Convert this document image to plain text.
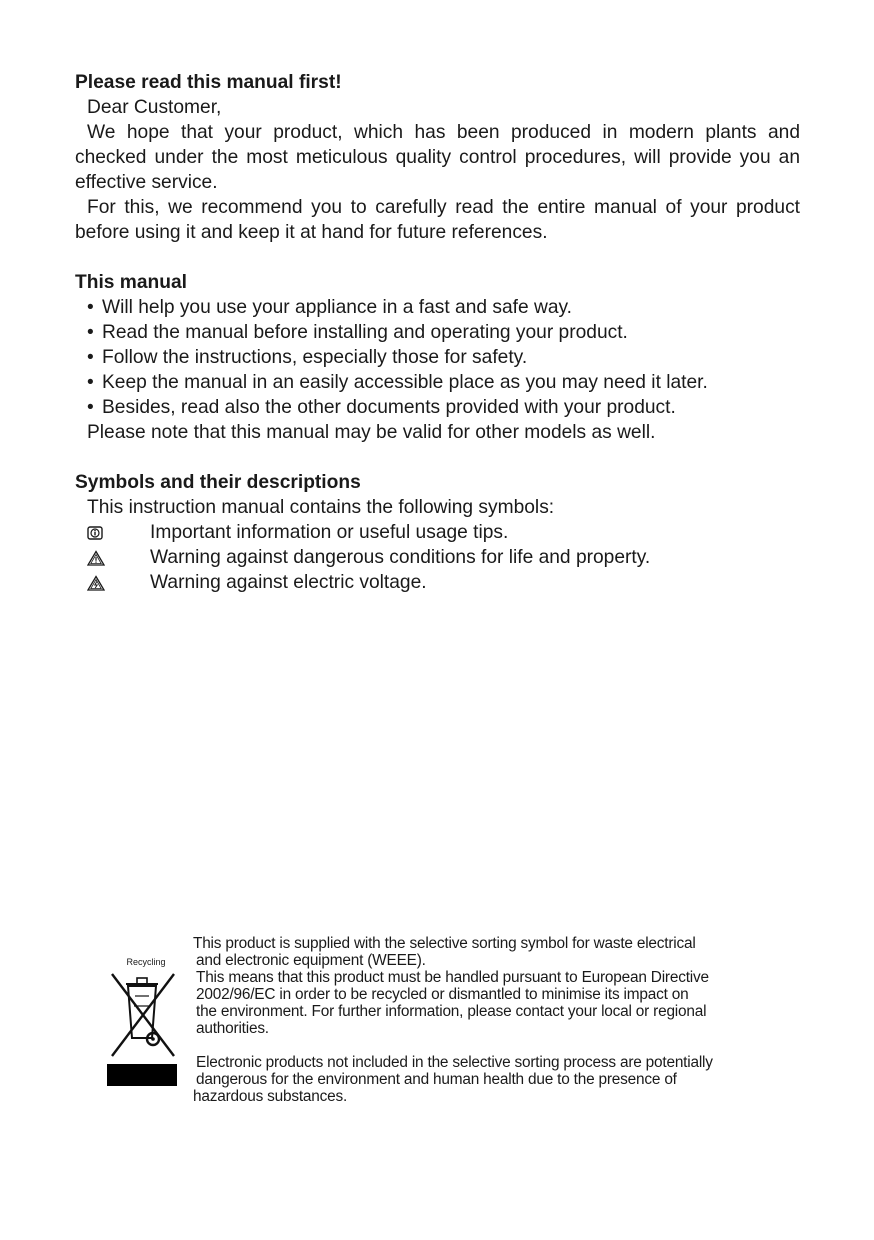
Please read this manual first!

Dear Customer,

We hope that your product, which has been produced in modern plants and checked under the most meticulous quality control procedures, will provide you an effective service.

For this, we recommend you to carefully read the entire manual of your product before using it and keep it at hand for future references.

This manual

• Will help you use your appliance in a fast and safe way.
• Read the manual before installing and operating your product.
• Follow the instructions, especially those for safety.
• Keep the manual in an easily accessible place as you may need it later.
• Besides, read also the other documents provided with your product.

Please note that this manual may be valid for other models as well.

Symbols and their descriptions

This instruction manual contains the following symbols:

Important information or useful usage tips.
Warning against dangerous conditions for life and property.
Warning against electric voltage.
Recycling

This product is supplied with the selective sorting symbol for waste electrical

and electronic equipment (WEEE).

This means that this product must be handled pursuant to European Directive

2002/96/EC in order to be recycled or dismantled to minimise its impact on

the environment. For further information, please contact your local or regional

authorities.

Electronic products not included in the selective sorting process are potentially

dangerous for the environment and human health due to the presence of

hazardous substances.
